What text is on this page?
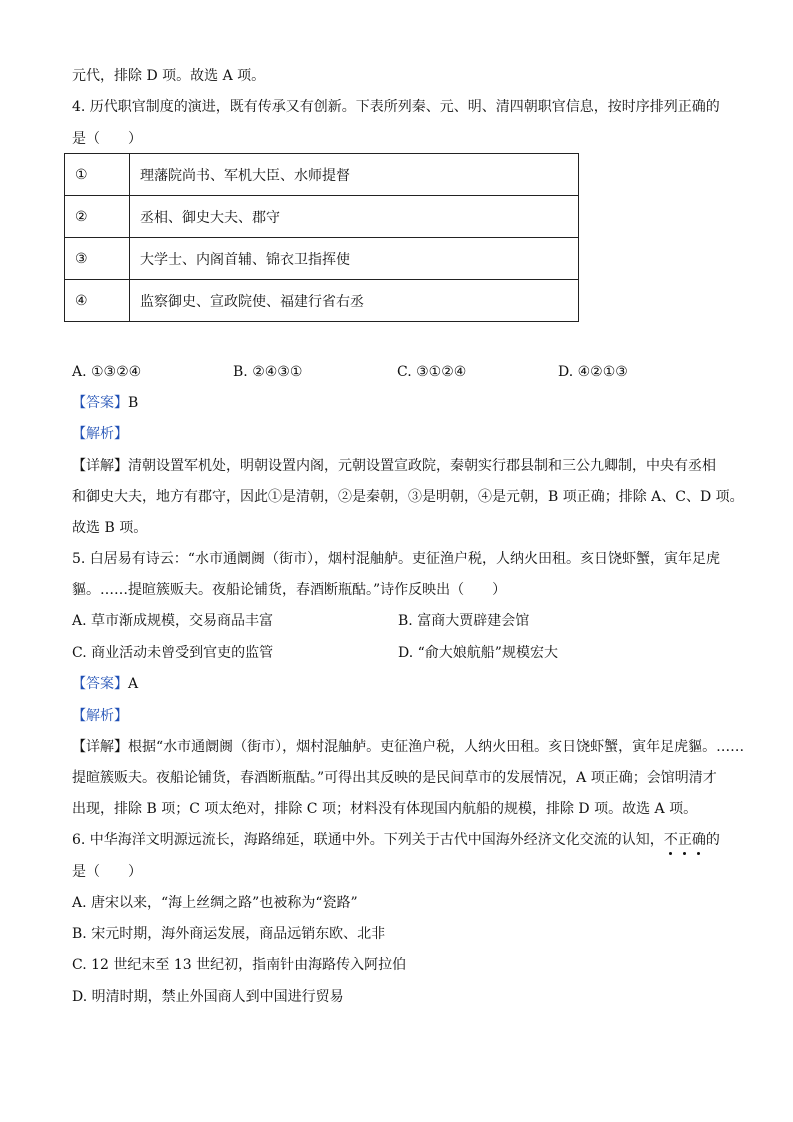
元代，排除 D 项。故选 A 项。
4. 历代职官制度的演进，既有传承又有创新。下表所列秦、元、明、清四朝职官信息，按时序排列正确的
是（　　）
①	理藩院尚书、军机大臣、水师提督
②	丞相、御史大夫、郡守
③	大学士、内阁首辅、锦衣卫指挥使
④	监察御史、宣政院使、福建行省右丞
A. ①③②④	B. ②④③①	C. ③①②④	D. ④②①③
【答案】B
【解析】
【详解】清朝设置军机处，明朝设置内阁，元朝设置宣政院，秦朝实行郡县制和三公九卿制，中央有丞相
和御史大夫，地方有郡守，因此①是清朝，②是秦朝，③是明朝，④是元朝，B 项正确；排除 A、C、D 项。
故选 B 项。
5. 白居易有诗云：“水市通阛阓（街市），烟村混舳舻。吏征渔户税，人纳火田租。亥日饶虾蟹，寅年足虎
貙。……提暄簇贩夫。夜船论铺货，春酒断瓶酤。”诗作反映出（　　）
A. 草市渐成规模，交易商品丰富	B. 富商大贾辟建会馆
C. 商业活动未曾受到官吏的监管	D. “俞大娘航船”规模宏大
【答案】A
【解析】
【详解】根据“水市通阛阓（街市），烟村混舳舻。吏征渔户税，人纳火田租。亥日饶虾蟹，寅年足虎貙。……
提暄簇贩夫。夜船论铺货，春酒断瓶酤。”可得出其反映的是民间草市的发展情况，A 项正确；会馆明清才
出现，排除 B 项；C 项太绝对，排除 C 项；材料没有体现国内航船的规模，排除 D 项。故选 A 项。
6. 中华海洋文明源远流长，海路绵延，联通中外。下列关于古代中国海外经济文化交流的认知，不正确的
是（　　）
A. 唐宋以来，“海上丝绸之路”也被称为“瓷路”
B. 宋元时期，海外商运发展，商品远销东欧、北非
C. 12 世纪末至 13 世纪初，指南针由海路传入阿拉伯
D. 明清时期，禁止外国商人到中国进行贸易
